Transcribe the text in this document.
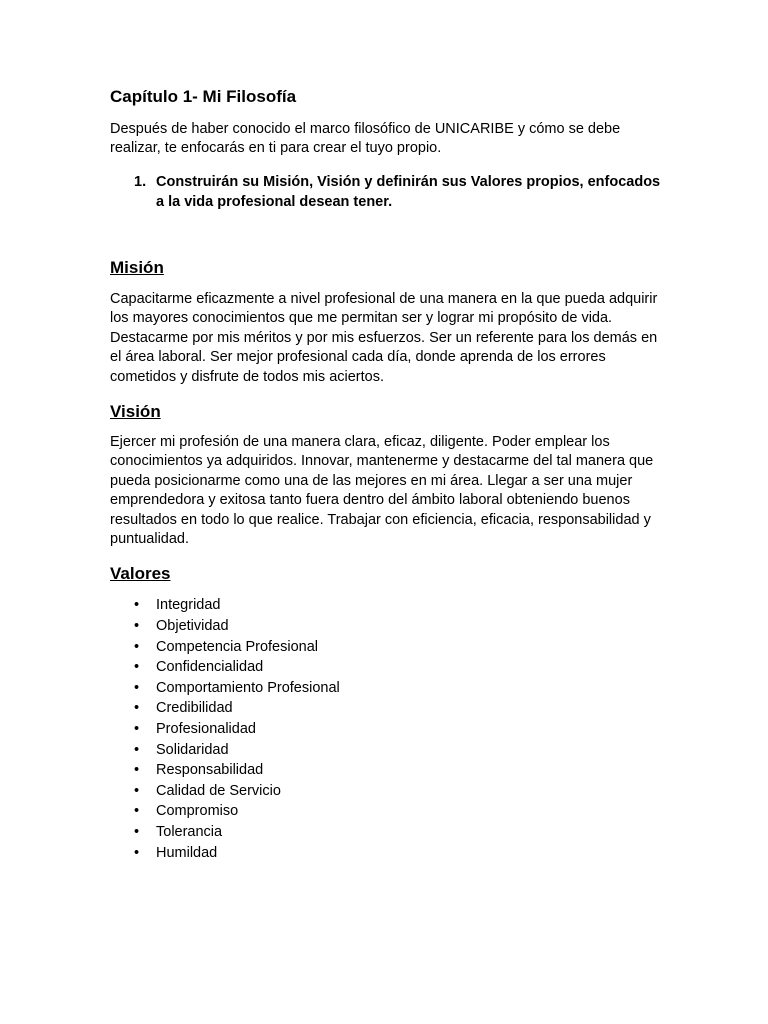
Capítulo 1- Mi Filosofía

Después de haber conocido el marco filosófico de UNICARIBE y cómo se debe realizar, te enfocarás en ti para crear el tuyo propio.

1. Construirán su Misión, Visión y definirán sus Valores propios, enfocados a la vida profesional desean tener.
Misión

Capacitarme eficazmente a nivel profesional de una manera en la que pueda adquirir los mayores conocimientos que me permitan ser y lograr mi propósito de vida. Destacarme por mis méritos y por mis esfuerzos. Ser un referente para los demás en el área laboral. Ser mejor profesional cada día, donde aprenda de los errores cometidos y disfrute de todos mis aciertos.

Visión

Ejercer mi profesión de una manera clara, eficaz, diligente. Poder emplear los conocimientos ya adquiridos. Innovar, mantenerme y destacarme del tal manera que pueda posicionarme como una de las mejores en mi área. Llegar a ser una mujer emprendedora y exitosa tanto fuera dentro del ámbito laboral obteniendo buenos resultados en todo lo que realice. Trabajar con eficiencia, eficacia, responsabilidad y puntualidad.

Valores
• Integridad
• Objetividad
• Competencia Profesional
• Confidencialidad
• Comportamiento Profesional
• Credibilidad
• Profesionalidad
• Solidaridad
• Responsabilidad
• Calidad de Servicio
• Compromiso
• Tolerancia
• Humildad
